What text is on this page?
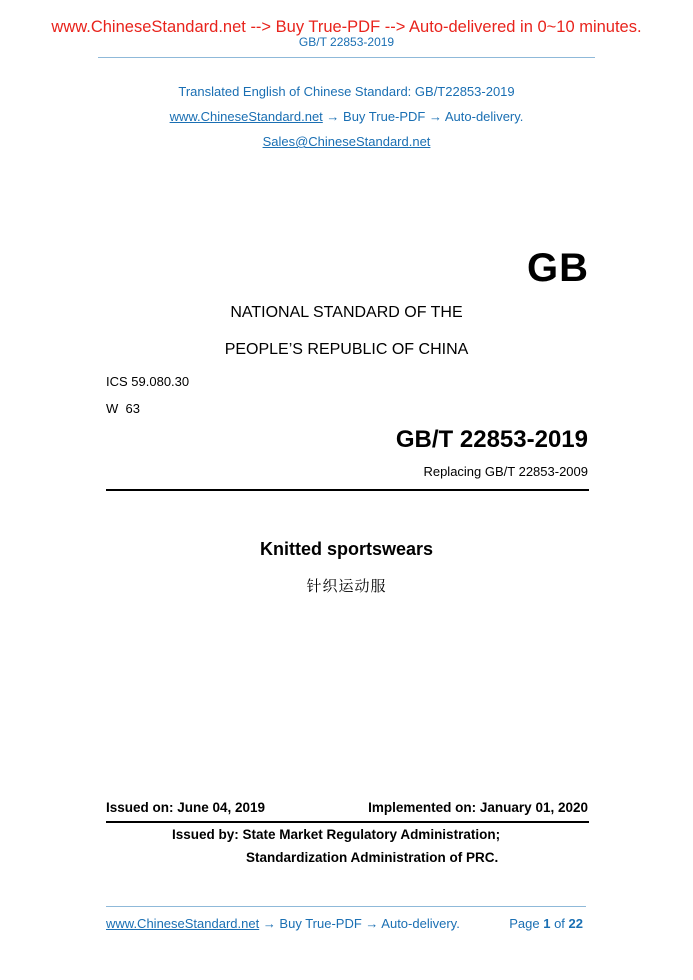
www.ChineseStandard.net --> Buy True-PDF --> Auto-delivered in 0~10 minutes.
GB/T 22853-2019
Translated English of Chinese Standard: GB/T22853-2019
www.ChineseStandard.net → Buy True-PDF → Auto-delivery.
Sales@ChineseStandard.net
GB
NATIONAL STANDARD OF THE
PEOPLE’S REPUBLIC OF CHINA
ICS 59.080.30
W  63
GB/T 22853-2019
Replacing GB/T 22853-2009
Knitted sportswears
针织运动服
Issued on: June 04, 2019	Implemented on: January 01, 2020
Issued by: State Market Regulatory Administration;
Standardization Administration of PRC.
www.ChineseStandard.net → Buy True-PDF → Auto-delivery.	Page 1 of 22
